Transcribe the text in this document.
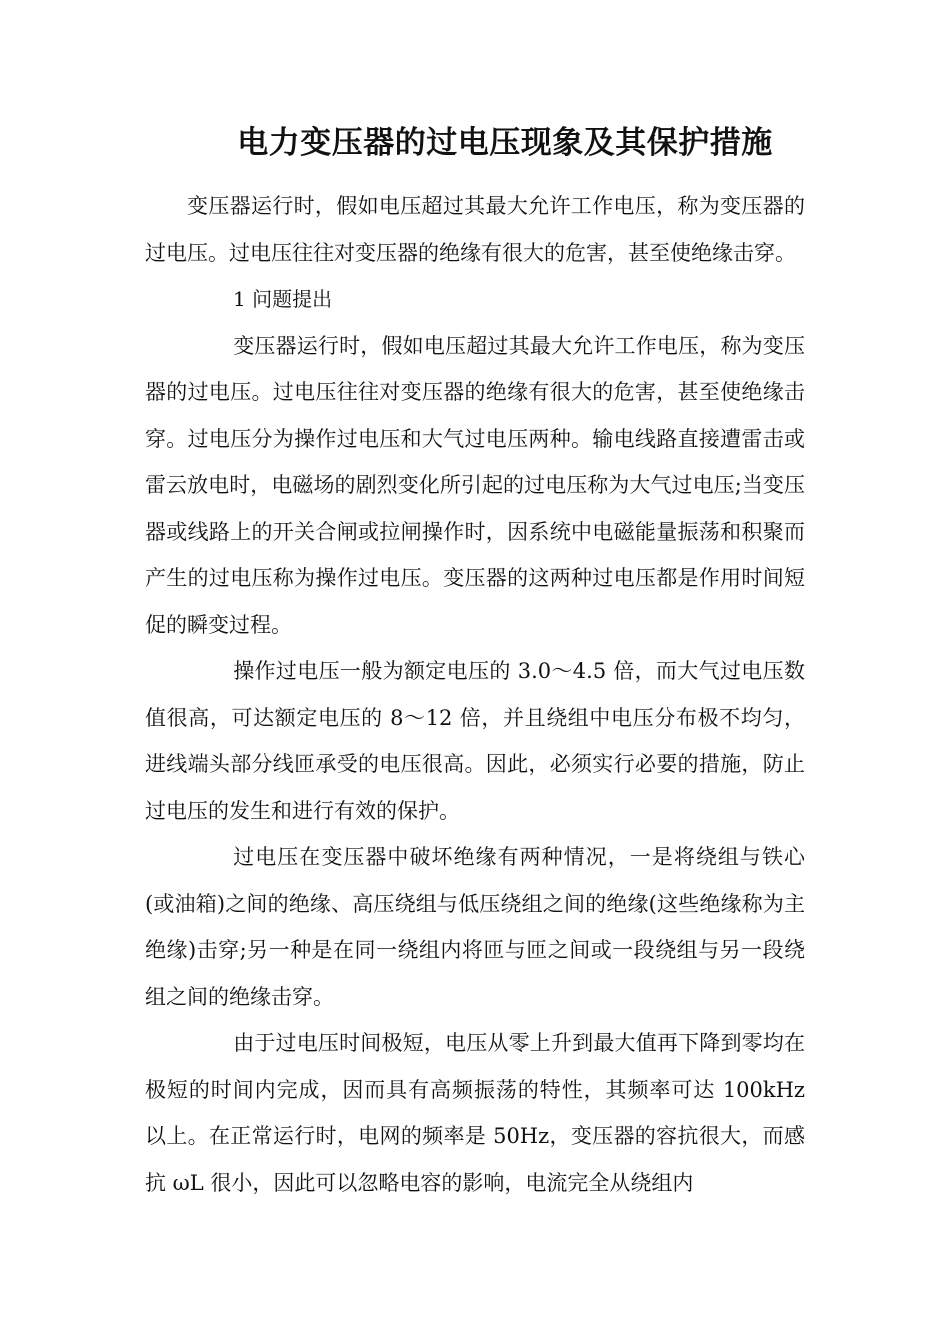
电力变压器的过电压现象及其保护措施

变压器运行时，假如电压超过其最大允许工作电压，称为变压器的过电压。过电压往往对变压器的绝缘有很大的危害，甚至使绝缘击穿。

1 问题提出

变压器运行时，假如电压超过其最大允许工作电压，称为变压器的过电压。过电压往往对变压器的绝缘有很大的危害，甚至使绝缘击穿。过电压分为操作过电压和大气过电压两种。输电线路直接遭雷击或雷云放电时，电磁场的剧烈变化所引起的过电压称为大气过电压;当变压器或线路上的开关合闸或拉闸操作时，因系统中电磁能量振荡和积聚而产生的过电压称为操作过电压。变压器的这两种过电压都是作用时间短促的瞬变过程。

操作过电压一般为额定电压的 3.0～4.5 倍，而大气过电压数值很高，可达额定电压的 8～12 倍，并且绕组中电压分布极不均匀，进线端头部分线匝承受的电压很高。因此，必须实行必要的措施，防止过电压的发生和进行有效的保护。

过电压在变压器中破坏绝缘有两种情况，一是将绕组与铁心(或油箱)之间的绝缘、高压绕组与低压绕组之间的绝缘(这些绝缘称为主绝缘)击穿;另一种是在同一绕组内将匝与匝之间或一段绕组与另一段绕组之间的绝缘击穿。

由于过电压时间极短，电压从零上升到最大值再下降到零均在极短的时间内完成，因而具有高频振荡的特性，其频率可达 100kHz 以上。在正常运行时，电网的频率是 50Hz，变压器的容抗很大，而感抗 ωL 很小，因此可以忽略电容的影响，电流完全从绕组内
